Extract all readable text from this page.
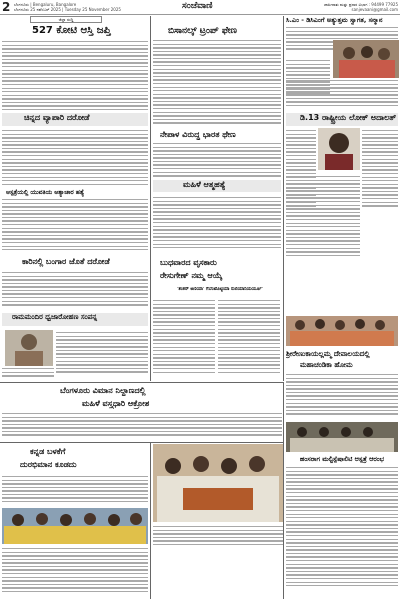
2 ಬೆಂಗಳೂರು | Bengaluru, Bangalore
ಬೆಂಗಳೂರು 25 ನವೆಂಬರ್ 2025 | Tuesday 25 November 2025	ಸಂಜೆವಾಣಿ	ಜಾಹೀರಾತು ಮತ್ತು ಪ್ರಸಾರ ವಿಭಾಗ : 94499 77925
sanjevaani@gmail.com
ಜಿಲ್ಲಾ ಸುದ್ದಿ
527 ಕೋಟಿ ಆಸ್ತಿ ಜಪ್ತಿ
ಚಿನ್ನದ ವ್ಯಾಪಾರಿ ದರೋಡೆ
ಆಸ್ಪತ್ರೆಯಲ್ಲಿ ಯುವತಿಯ ಅತ್ಯಾಚಾರ ಹತ್ಯೆ
ಕಾರಿನಲ್ಲಿ ಬಂಗಾರ ಜೊತೆ ದರೋಡೆ
ರಾಮಮಂದಿರ ಧ್ವಜಾರೋಹಣ ಸಂಪನ್ನ
ಬಿಸಾನಲ್ಕ್ ಟ್ರಂಪ್ ಫೇಣ
ನೇಪಾಳ ವಿರುದ್ಧ ಭಾರತ ಥೇಣ
ಮಹಿಳೆ ಆತ್ಮಹತ್ಯೆ
ಬುಧವಾರದ ವೃಸಕಾರು
ರೇಸುಗೇಣ್ ನಮ್ಮ ಆಯ್ಕೆ
'ಶಂಕರ್ ಅಣಿಯಾ' ಗೆಬೆಂಟೊಟ್ಟಿಯಾ ರುಬಿಯಾನಿಯರ್ಯೂ'
ಸಿ.ಎಂ - ಡಿಸಿಎಂಗೆ ಅತ್ಯುತ್ತಮ ಸ್ವಾಗತ, ಸನ್ಮಾನ
ಡಿ.13 ರಾಷ್ಟ್ರೀಯ ಲೋಕ್ ಅದಾಲತ್
ಶ್ರೀರೇಣುಕಾಯಲ್ಲಮ್ಮ ದೇವಾಲಯದಲ್ಲಿ
ಮಹಾಚಂಡಿಕಾ ಹೋಮ
ಬೆಂಗಳೂರು ವಿಮಾನ ನಿಲ್ದಾಣದಲ್ಲಿ
ಮಹಿಳೆ ವಸ್ತ್ರಧಾರಿ ಆಕ್ರೋಶ
ಕನ್ನಡ ಬಳಕೆಗೆ
ದುರಭಿಮಾನ ಕೂಡದು
ಹಂಸರಾಗ ಮಲ್ಟಿಸ್ಪೆಷಾಲಿಟಿ ಆಸ್ಪತ್ರೆ ಆರಂಭ
